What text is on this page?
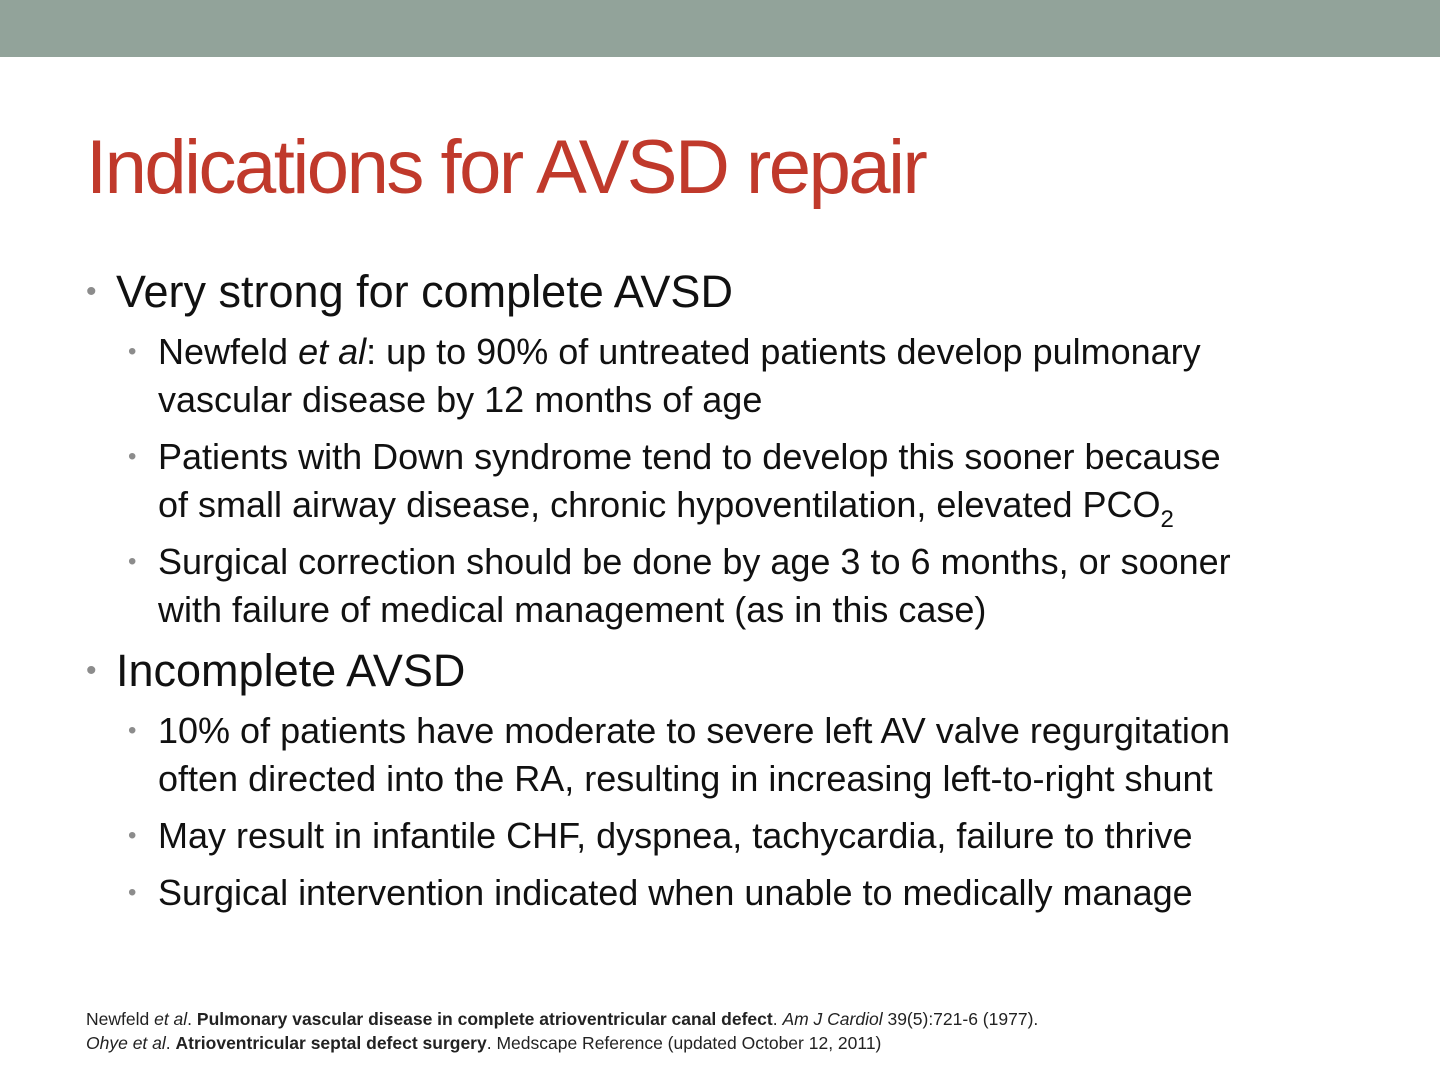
Indications for AVSD repair
• Very strong for complete AVSD
• Newfeld et al: up to 90% of untreated patients develop pulmonary
vascular disease by 12 months of age
• Patients with Down syndrome tend to develop this sooner because
of small airway disease, chronic hypoventilation, elevated $PCO_2$
• Surgical correction should be done by age 3 to 6 months, or sooner
with failure of medical management (as in this case)
• Incomplete AVSD
• 10% of patients have moderate to severe left AV valve regurgitation
often directed into the RA, resulting in increasing left-to-right shunt
• May result in infantile CHF, dyspnea, tachycardia, failure to thrive
• Surgical intervention indicated when unable to medically manage
Newfeld et al. Pulmonary vascular disease in complete atrioventricular canal defect. Am J Cardiol 39(5):721-6 (1977).
Ohye et al. Atrioventricular septal defect surgery. Medscape Reference (updated October 12, 2011)
